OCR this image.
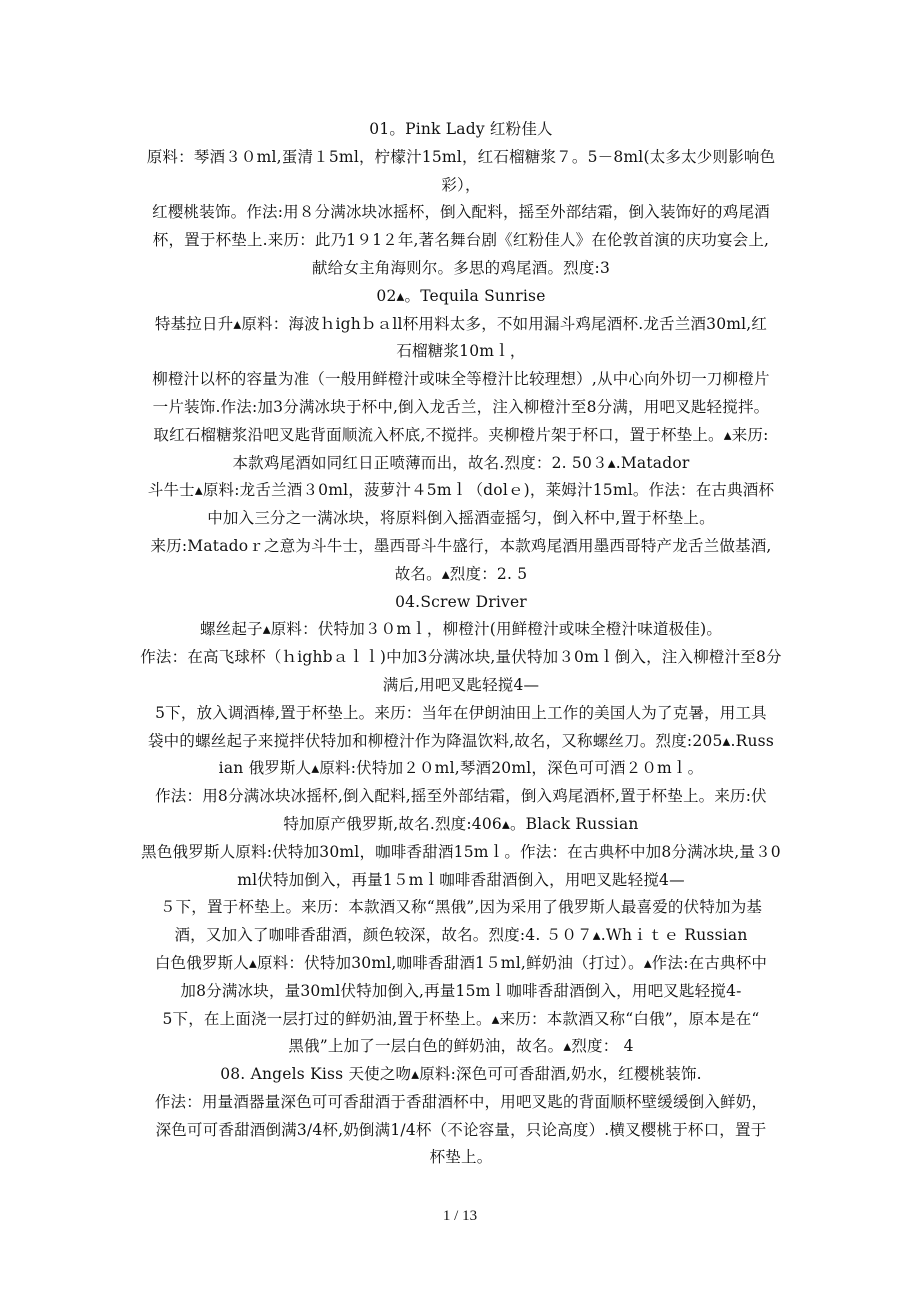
01。Pink Lady 红粉佳人

原料：琴酒３０ml,蛋清１5ml，柠檬汁15ml，红石榴糖浆７。5－8ml(太多太少则影响色

彩），

红樱桃装饰。作法:用８分满冰块冰摇杯，倒入配料，摇至外部结霜，倒入装饰好的鸡尾酒

杯，置于杯垫上.来历：此乃1９1２年,著名舞台剧《红粉佳人》在伦敦首演的庆功宴会上,

献给女主角海则尔。多思的鸡尾酒。烈度:3

02▴。Tequila Sunrise

特基拉日升▴原料：海波ｈighｂａll杯用料太多，不如用漏斗鸡尾酒杯.龙舌兰酒30ml,红

石榴糖浆10mｌ，

柳橙汁以杯的容量为准（一般用鲜橙汁或味全等橙汁比较理想）,从中心向外切一刀柳橙片

一片装饰.作法:加3分满冰块于杯中,倒入龙舌兰，注入柳橙汁至8分满，用吧叉匙轻搅拌。

取红石榴糖浆沿吧叉匙背面顺流入杯底,不搅拌。夹柳橙片架于杯口，置于杯垫上。▴来历:

本款鸡尾酒如同红日正喷薄而出，故名.烈度：2. 50３▴.Matador

斗牛士▴原料:龙舌兰酒３0ml，菠萝汁４5mｌ（dolｅ)，莱姆汁15ml。作法：在古典酒杯

中加入三分之一满冰块，将原料倒入摇酒壶摇匀，倒入杯中,置于杯垫上。

来历:Matadoｒ之意为斗牛士，墨西哥斗牛盛行，本款鸡尾酒用墨西哥特产龙舌兰做基酒,

故名。▴烈度：2. 5

04.Screw Driver

螺丝起子▴原料：伏特加３０mｌ，柳橙汁(用鲜橙汁或味全橙汁味道极佳)。

作法：在高飞球杯（ｈighbａｌｌ)中加3分满冰块,量伏特加３0mｌ倒入，注入柳橙汁至8分

满后,用吧叉匙轻搅4—

5下，放入调酒棒,置于杯垫上。来历：当年在伊朗油田上工作的美国人为了克暑，用工具

袋中的螺丝起子来搅拌伏特加和柳橙汁作为降温饮料,故名，又称螺丝刀。烈度:205▴.Russ

ian 俄罗斯人▴原料:伏特加２０ml,琴酒20ml，深色可可酒２０mｌ。

作法：用8分满冰块冰摇杯,倒入配料,摇至外部结霜，倒入鸡尾酒杯,置于杯垫上。来历:伏

特加原产俄罗斯,故名.烈度:406▴。Black Russian

黑色俄罗斯人原料:伏特加30ml，咖啡香甜酒15mｌ。作法：在古典杯中加8分满冰块,量３0

ml伏特加倒入，再量1５mｌ咖啡香甜酒倒入，用吧叉匙轻搅4—

５下，置于杯垫上。来历：本款酒又称“黑俄”,因为采用了俄罗斯人最喜爱的伏特加为基

酒，又加入了咖啡香甜酒，颜色较深，故名。烈度:4. ５０７▴.Whｉｔｅ Russian

白色俄罗斯人▴原料：伏特加30ml,咖啡香甜酒1５ml,鲜奶油（打过）。▴作法:在古典杯中

加8分满冰块，量30ml伏特加倒入,再量15mｌ咖啡香甜酒倒入，用吧叉匙轻搅4-

5下，在上面浇一层打过的鲜奶油,置于杯垫上。▴来历：本款酒又称“白俄”，原本是在“

黑俄”上加了一层白色的鲜奶油，故名。▴烈度： 4

08. Angels Kiss 天使之吻▴原料:深色可可香甜酒,奶水，红樱桃装饰.

作法：用量酒器量深色可可香甜酒于香甜酒杯中，用吧叉匙的背面顺杯壁缓缓倒入鲜奶，

深色可可香甜酒倒满3/4杯,奶倒满1/4杯（不论容量，只论高度）.横叉樱桃于杯口，置于

杯垫上。

1 / 13
